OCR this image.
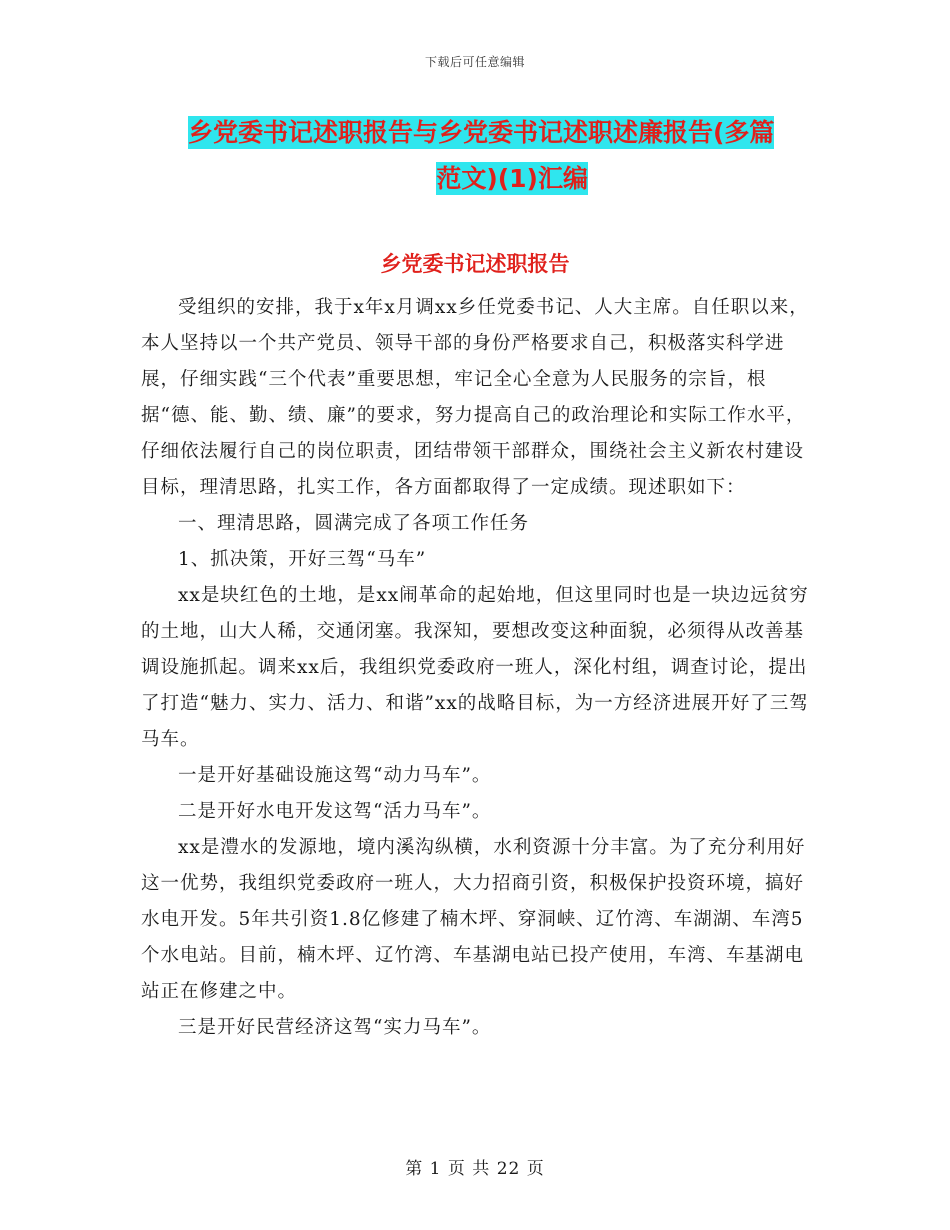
下载后可任意编辑
乡党委书记述职报告与乡党委书记述职述廉报告(多篇
范文)(1)汇编
乡党委书记述职报告

受组织的安排，我于x年x月调xx乡任党委书记、人大主席。自任职以来，本人坚持以一个共产党员、领导干部的身份严格要求自己，积极落实科学进展，仔细实践“三个代表”重要思想，牢记全心全意为人民服务的宗旨，根据“德、能、勤、绩、廉”的要求，努力提高自己的政治理论和实际工作水平，仔细依法履行自己的岗位职责，团结带领干部群众，围绕社会主义新农村建设目标，理清思路，扎实工作，各方面都取得了一定成绩。现述职如下：

一、理清思路，圆满完成了各项工作任务

1、抓决策，开好三驾“马车”

xx是块红色的土地，是xx闹革命的起始地，但这里同时也是一块边远贫穷的土地，山大人稀，交通闭塞。我深知，要想改变这种面貌，必须得从改善基调设施抓起。调来xx后，我组织党委政府一班人，深化村组，调查讨论，提出了打造“魅力、实力、活力、和谐”xx的战略目标，为一方经济进展开好了三驾马车。

一是开好基础设施这驾“动力马车”。

二是开好水电开发这驾“活力马车”。

xx是澧水的发源地，境内溪沟纵横，水利资源十分丰富。为了充分利用好这一优势，我组织党委政府一班人，大力招商引资，积极保护投资环境，搞好水电开发。5年共引资1.8亿修建了楠木坪、穿洞峡、辽竹湾、车湖湖、车湾5个水电站。目前，楠木坪、辽竹湾、车基湖电站已投产使用，车湾、车基湖电站正在修建之中。

三是开好民营经济这驾“实力马车”。

第 1 页 共 22 页
